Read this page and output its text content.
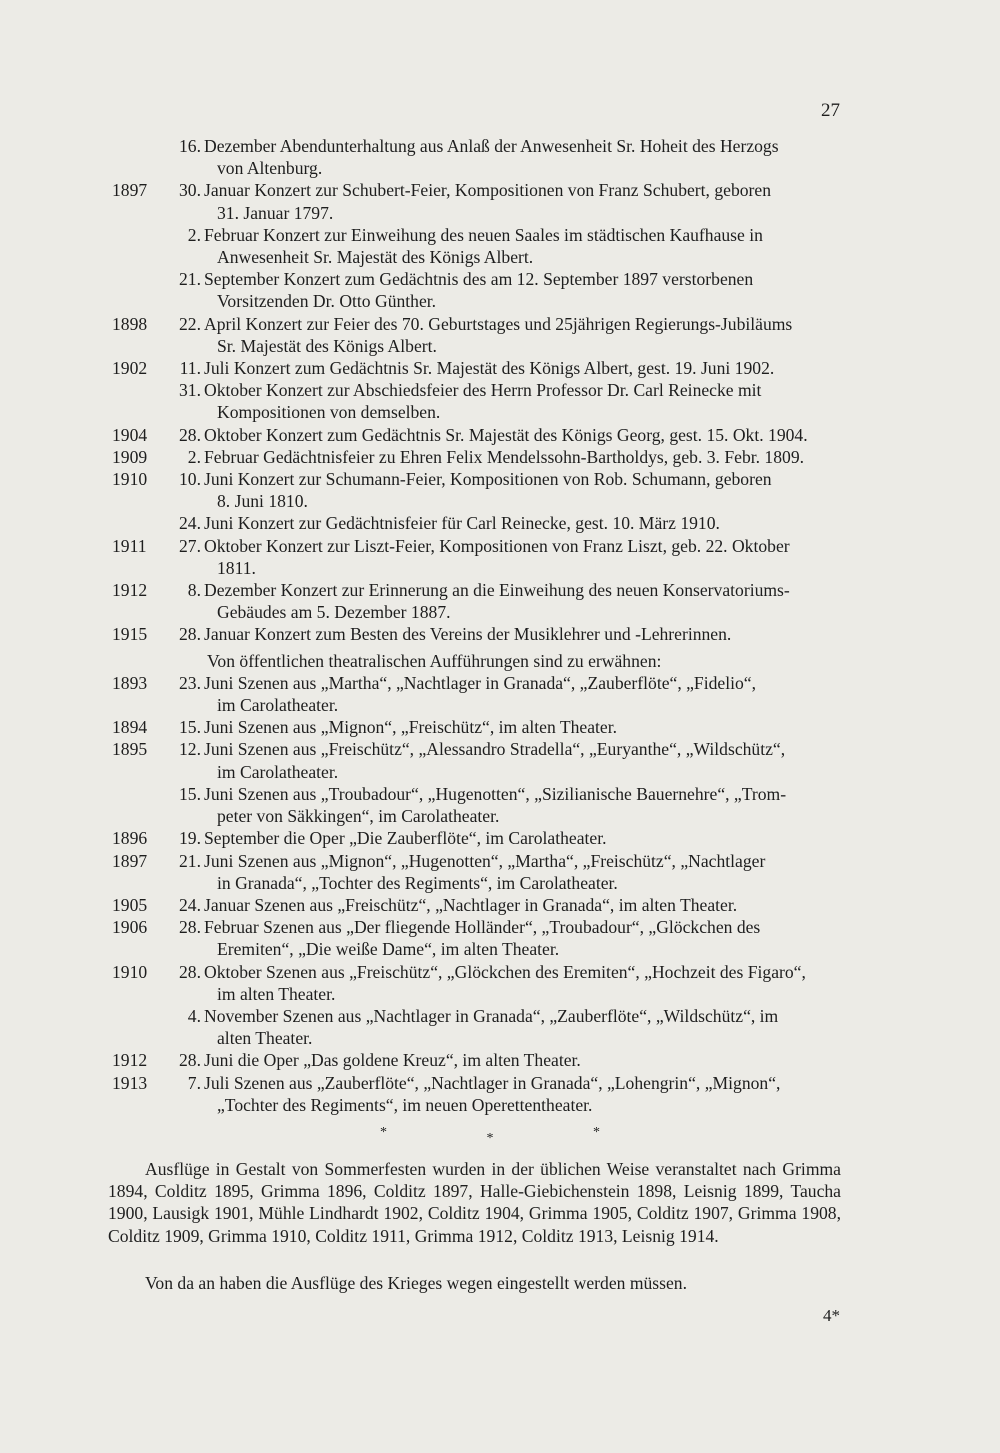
27
16. Dezember Abendunterhaltung aus Anlaß der Anwesenheit Sr. Hoheit des Herzogs
von Altenburg.
1897	30. Januar Konzert zur Schubert-Feier, Kompositionen von Franz Schubert, geboren
31. Januar 1797.
2. Februar Konzert zur Einweihung des neuen Saales im städtischen Kaufhause in
Anwesenheit Sr. Majestät des Königs Albert.
21. September Konzert zum Gedächtnis des am 12. September 1897 verstorbenen
Vorsitzenden Dr. Otto Günther.
1898	22. April Konzert zur Feier des 70. Geburtstages und 25jährigen Regierungs-Jubiläums
Sr. Majestät des Königs Albert.
1902	11. Juli Konzert zum Gedächtnis Sr. Majestät des Königs Albert, gest. 19. Juni 1902.
31. Oktober Konzert zur Abschiedsfeier des Herrn Professor Dr. Carl Reinecke mit
Kompositionen von demselben.
1904	28. Oktober Konzert zum Gedächtnis Sr. Majestät des Königs Georg, gest. 15. Okt. 1904.
1909	2. Februar Gedächtnisfeier zu Ehren Felix Mendelssohn-Bartholdys, geb. 3. Febr. 1809.
1910	10. Juni Konzert zur Schumann-Feier, Kompositionen von Rob. Schumann, geboren
8. Juni 1810.
24. Juni Konzert zur Gedächtnisfeier für Carl Reinecke, gest. 10. März 1910.
1911	27. Oktober Konzert zur Liszt-Feier, Kompositionen von Franz Liszt, geb. 22. Oktober
1811.
1912	8. Dezember Konzert zur Erinnerung an die Einweihung des neuen Konservatoriums-
Gebäudes am 5. Dezember 1887.
1915	28. Januar Konzert zum Besten des Vereins der Musiklehrer und -Lehrerinnen.
Von öffentlichen theatralischen Aufführungen sind zu erwähnen:
1893	23. Juni Szenen aus „Martha“, „Nachtlager in Granada“, „Zauberflöte“, „Fidelio“,
im Carolatheater.
1894	15. Juni Szenen aus „Mignon“, „Freischütz“, im alten Theater.
1895	12. Juni Szenen aus „Freischütz“, „Alessandro Stradella“, „Euryanthe“, „Wildschütz“,
im Carolatheater.
15. Juni Szenen aus „Troubadour“, „Hugenotten“, „Sizilianische Bauernehre“, „Trom-
peter von Säkkingen“, im Carolatheater.
1896	19. September die Oper „Die Zauberflöte“, im Carolatheater.
1897	21. Juni Szenen aus „Mignon“, „Hugenotten“, „Martha“, „Freischütz“, „Nachtlager
in Granada“, „Tochter des Regiments“, im Carolatheater.
1905	24. Januar Szenen aus „Freischütz“, „Nachtlager in Granada“, im alten Theater.
1906	28. Februar Szenen aus „Der fliegende Holländer“, „Troubadour“, „Glöckchen des
Eremiten“, „Die weiße Dame“, im alten Theater.
1910	28. Oktober Szenen aus „Freischütz“, „Glöckchen des Eremiten“, „Hochzeit des Figaro“,
im alten Theater.
4. November Szenen aus „Nachtlager in Granada“, „Zauberflöte“, „Wildschütz“, im
alten Theater.
1912	28. Juni die Oper „Das goldene Kreuz“, im alten Theater.
1913	7. Juli Szenen aus „Zauberflöte“, „Nachtlager in Granada“, „Lohengrin“, „Mignon“,
„Tochter des Regiments“, im neuen Operettentheater.
*	*	*
Ausflüge in Gestalt von Sommerfesten wurden in der üblichen Weise veranstaltet nach Grimma 1894, Colditz 1895, Grimma 1896, Colditz 1897, Halle-Giebichenstein 1898, Leisnig 1899, Taucha 1900, Lausigk 1901, Mühle Lindhardt 1902, Colditz 1904, Grimma 1905, Colditz 1907, Grimma 1908, Colditz 1909, Grimma 1910, Colditz 1911, Grimma 1912, Colditz 1913, Leisnig 1914.
Von da an haben die Ausflüge des Krieges wegen eingestellt werden müssen.
4*
